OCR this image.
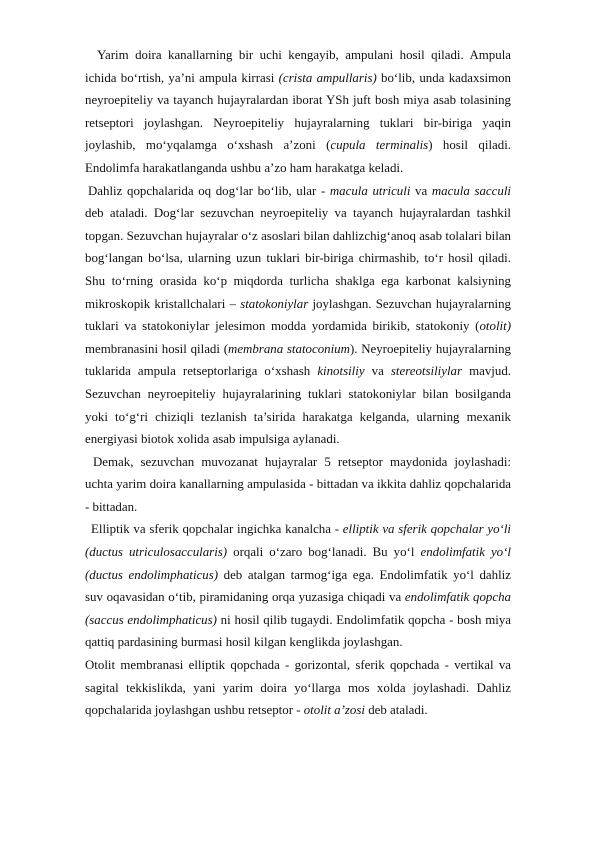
Yarim doira kanallarning bir uchi kengayib, ampulani hosil qiladi. Ampula ichida bo‘rtish, ya’ni ampula kirrasi (crista ampullaris) bo‘lib, unda kadaxsimon neyroepiteliy va tayanch hujayralardan iborat YSh juft bosh miya asab tolasining retseptori joylashgan. Neyroepiteliy hujayralarning tuklari bir-biriga yaqin joylashib, mo‘yqalamga o‘xshash a’zoni (cupula terminalis) hosil qiladi. Endolimfa harakatlanganda ushbu a’zo ham harakatga keladi.

Dahliz qopchalarida oq dog‘lar bo‘lib, ular - macula utriculi va macula sacculi deb ataladi. Dog‘lar sezuvchan neyroepiteliy va tayanch hujayralardan tashkil topgan. Sezuvchan hujayralar o‘z asoslari bilan dahlizchig‘anoq asab tolalari bilan bog‘langan bo‘lsa, ularning uzun tuklari bir-biriga chirmashib, to‘r hosil qiladi. Shu to‘rning orasida ko‘p miqdorda turlicha shaklga ega karbonat kalsiyning mikroskopik kristallchalari – statokoniylar joylashgan. Sezuvchan hujayralarning tuklari va statokoniylar jelesimon modda yordamida birikib, statokoniy (otolit) membranasini hosil qiladi (membrana statoconium). Neyroepiteliy hujayralarning tuklarida ampula retseptorlariga o‘xshash kinotsiliy va stereotsiliylar mavjud. Sezuvchan neyroepiteliy hujayralarining tuklari statokoniylar bilan bosilganda yoki to‘g‘ri chiziqli tezlanish ta’sirida harakatga kelganda, ularning mexanik energiyasi biotok xolida asab impulsiga aylanadi.

Demak, sezuvchan muvozanat hujayralar 5 retseptor maydonida joylashadi: uchta yarim doira kanallarning ampulasida - bittadan va ikkita dahliz qopchalarida - bittadan.

Elliptik va sferik qopchalar ingichka kanalcha - elliptik va sferik qopchalar yo‘li (ductus utriculosaccularis) orqali o‘zaro bog‘lanadi. Bu yo‘l endolimfatik yo‘l (ductus endolimphaticus) deb atalgan tarmog‘iga ega. Endolimfatik yo‘l dahliz suv oqavasidan o‘tib, piramidaning orqa yuzasiga chiqadi va endolimfatik qopcha (saccus endolimphaticus) ni hosil qilib tugaydi. Endolimfatik qopcha - bosh miya qattiq pardasining burmasi hosil kilgan kenglikda joylashgan.

Otolit membranasi elliptik qopchada - gorizontal, sferik qopchada - vertikal va sagital tekkislikda, yani yarim doira yo‘llarga mos xolda joylashadi. Dahliz qopchalarida joylashgan ushbu retseptor - otolit a’zosi deb ataladi.
